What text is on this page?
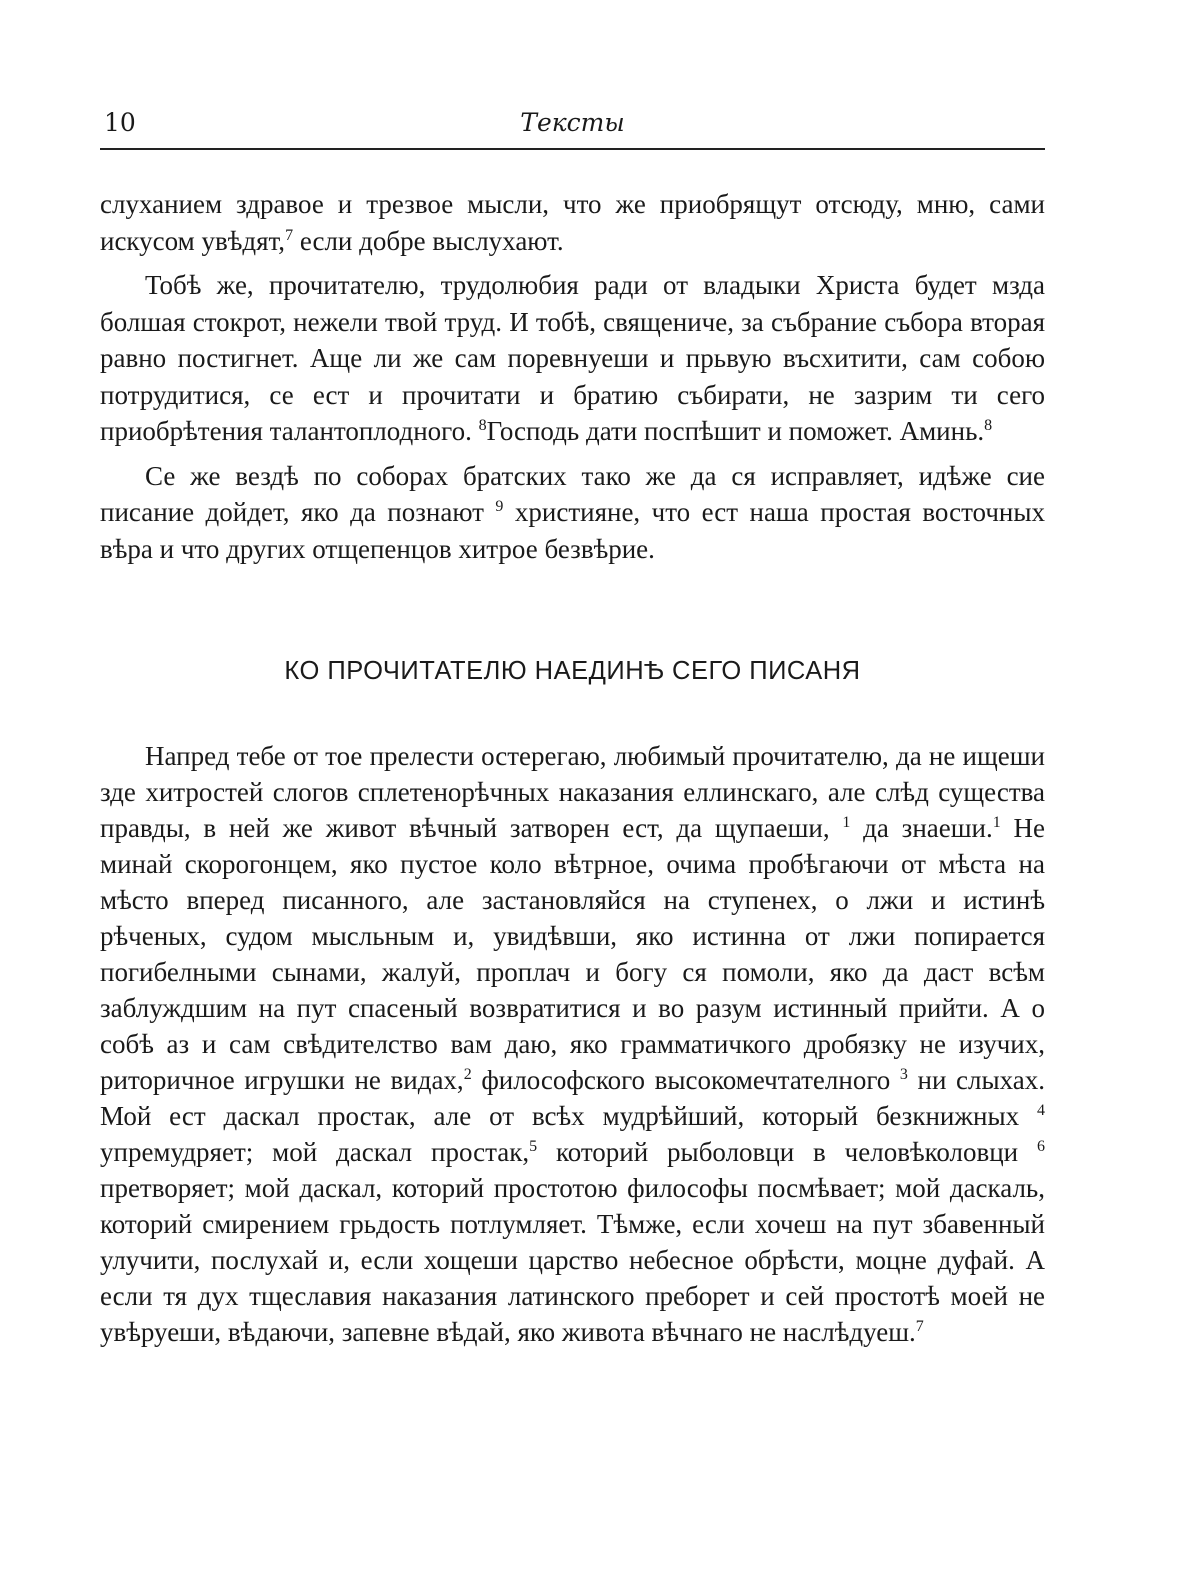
10	Тексты

слуханием здравое и трезвое мысли, что же приобрящут отсюду, мню, сами искусом увѣдят,$^7$ если добре выслухают.

Тобѣ же, прочитателю, трудолюбия ради от владыки Христа будет мзда болшая стокрот, нежели твой труд. И тобѣ, священиче, за събрание събора вторая равно постигнет. Аще ли же сам поревнуеши и прьвую въсхитити, сам собою потрудитися, се ест и прочитати и братию събирати, не зазрим ти сего приобрѣтения талантоплодного. $^8$Господь дати поспѣшит и поможет. Аминь.$^8$

Се же вездѣ по соборах братских тако же да ся исправляет, идѣже сие писание дойдет, яко да познают $^9$ християне, что ест наша простая восточных вѣра и что других отщепенцов хитрое безвѣрие.

КО ПРОЧИТАТЕЛЮ НАЕДИНѢ СЕГО ПИСАНЯ

Напред тебе от тое прелести остерегаю, любимый прочитателю, да не ищеши зде хитростей слогов сплетенорѣчных наказания еллинскаго, але слѣд существа правды, в ней же живот вѣчный затворен ест, да щупаеши, $^1$ да знаеши.$^1$ Не минай скорогонцем, яко пустое коло вѣтрное, очима пробѣгаючи от мѣста на мѣсто вперед писанного, але застановляйся на ступенех, о лжи и истинѣ рѣченых, судом мысльным и, увидѣвши, яко истинна от лжи попирается погибелными сынами, жалуй, проплач и богу ся помоли, яко да даст всѣм заблуждшим на пут спасеный возвратитися и во разум истинный прийти. А о собѣ аз и сам свѣдителство вам даю, яко грамматичкого дробязку не изучих, риторичное игрушки не видах,$^2$ философского высокомечтателного $^3$ ни слыхах. Мой ест даскал простак, але от всѣх мудрѣйший, который безкнижных $^4$ упремудряет; мой даскал простак,$^5$ которий рыболовци в человѣколовци $^6$ претворяет; мой даскал, которий простотою философы посмѣвает; мой даскаль, которий смирением грьдость потлумляет. Тѣмже, если хочеш на пут збавенный улучити, послухай и, если хощеши царство небесное обрѣсти, моцне дуфай. А если тя дух тщеславия наказания латинского преборет и сей простотѣ моей не увѣруеши, вѣдаючи, запевне вѣдай, яко живота вѣчнаго не наслѣдуеш.$^7$
